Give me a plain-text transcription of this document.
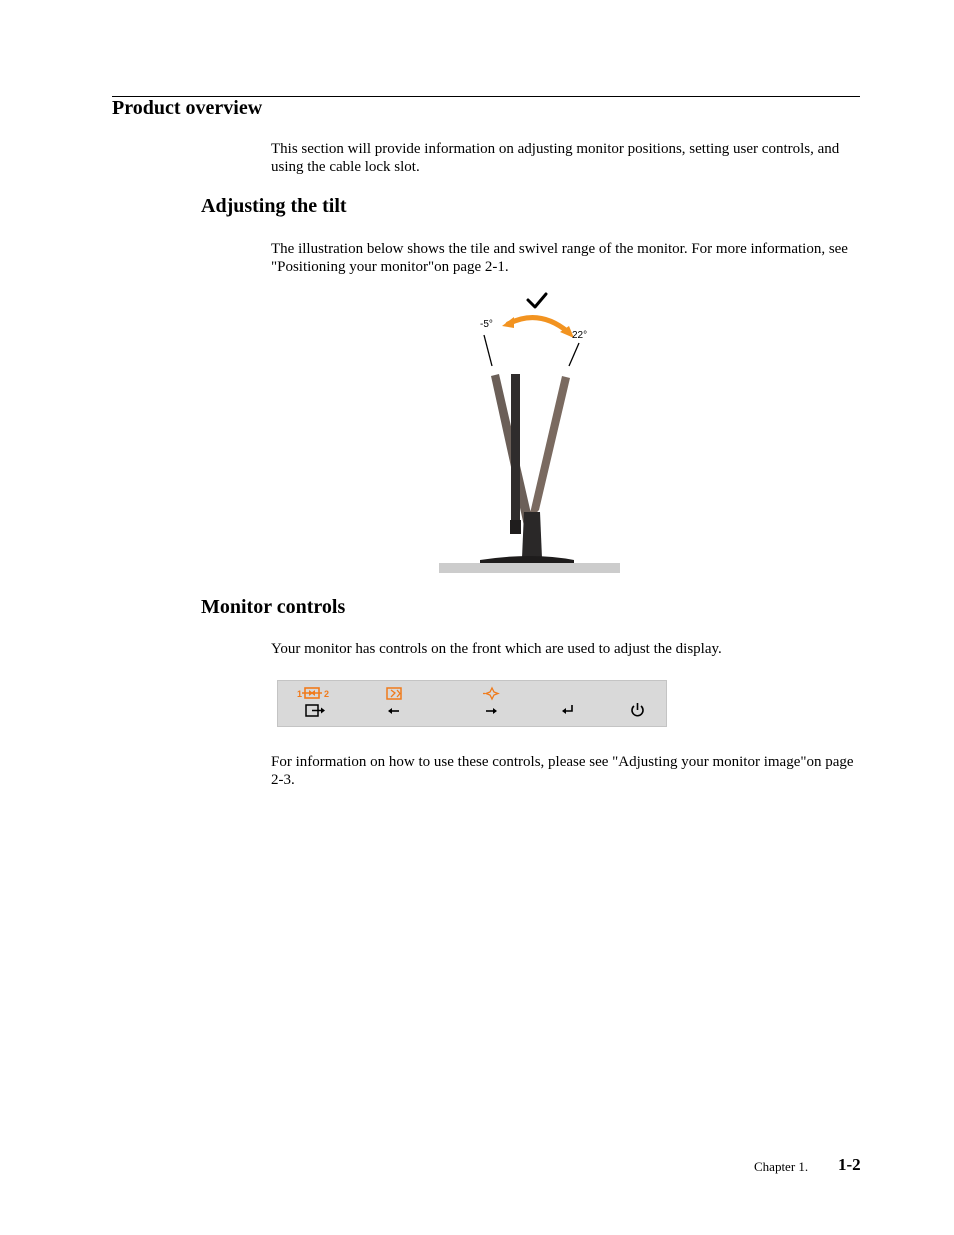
Product overview

This section will provide information on adjusting monitor positions, setting user controls, and using the cable lock slot.

Adjusting the tilt

The illustration below shows the tile and swivel range of the monitor. For more information, see "Positioning your monitor"on page 2-1.

-5°
22°
Monitor controls

Your monitor has controls on the front which are used to adjust the display.

1 2

For information on how to use these controls, please see "Adjusting your monitor image"on page 2-3.

Chapter 1. 1-2
